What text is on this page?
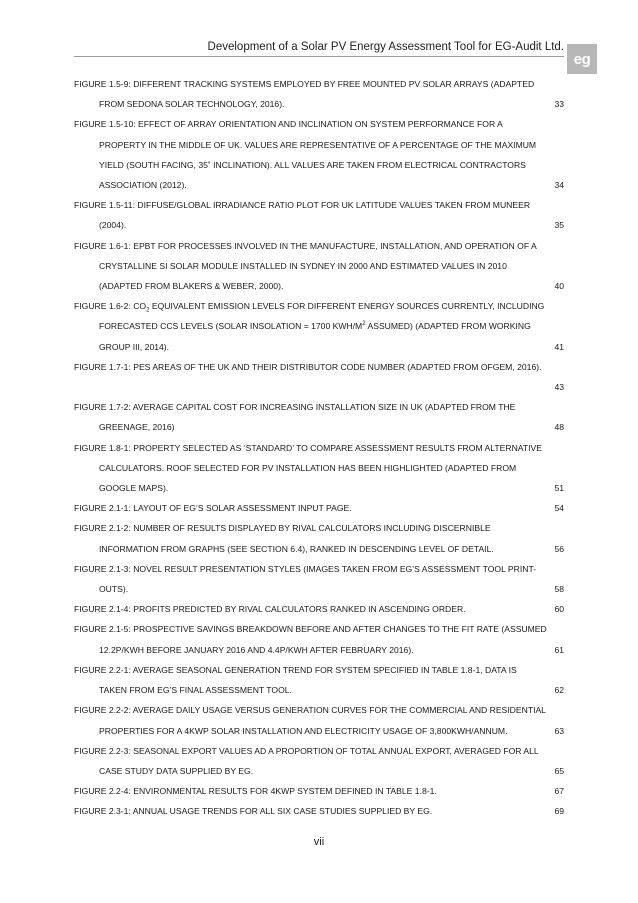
Development of a Solar PV Energy Assessment Tool for EG-Audit Ltd.
eg
FIGURE 1.5-9: DIFFERENT TRACKING SYSTEMS EMPLOYED BY FREE MOUNTED PV SOLAR ARRAYS (ADAPTED
FROM SEDONA SOLAR TECHNOLOGY, 2016).	33
FIGURE 1.5-10: EFFECT OF ARRAY ORIENTATION AND INCLINATION ON SYSTEM PERFORMANCE FOR A
PROPERTY IN THE MIDDLE OF UK. VALUES ARE REPRESENTATIVE OF A PERCENTAGE OF THE MAXIMUM
YIELD (SOUTH FACING, 35˚ INCLINATION). ALL VALUES ARE TAKEN FROM ELECTRICAL CONTRACTORS
ASSOCIATION (2012).	34
FIGURE 1.5-11: DIFFUSE/GLOBAL IRRADIANCE RATIO PLOT FOR UK LATITUDE VALUES TAKEN FROM MUNEER
(2004).	35
FIGURE 1.6-1: EPBT FOR PROCESSES INVOLVED IN THE MANUFACTURE, INSTALLATION, AND OPERATION OF A
CRYSTALLINE SI SOLAR MODULE INSTALLED IN SYDNEY IN 2000 AND ESTIMATED VALUES IN 2010
(ADAPTED FROM BLAKERS & WEBER, 2000).	40
FIGURE 1.6-2: $CO_2$ EQUIVALENT EMISSION LEVELS FOR DIFFERENT ENERGY SOURCES CURRENTLY, INCLUDING
FORECASTED CCS LEVELS (SOLAR INSOLATION = 1700 KWH/$M^2$ ASSUMED) (ADAPTED FROM WORKING
GROUP III, 2014).	41
FIGURE 1.7-1: PES AREAS OF THE UK AND THEIR DISTRIBUTOR CODE NUMBER (ADAPTED FROM OFGEM, 2016).
43
FIGURE 1.7-2: AVERAGE CAPITAL COST FOR INCREASING INSTALLATION SIZE IN UK (ADAPTED FROM THE
GREENAGE, 2016)	48
FIGURE 1.8-1: PROPERTY SELECTED AS ‘STANDARD’ TO COMPARE ASSESSMENT RESULTS FROM ALTERNATIVE
CALCULATORS. ROOF SELECTED FOR PV INSTALLATION HAS BEEN HIGHLIGHTED (ADAPTED FROM
GOOGLE MAPS).	51
FIGURE 2.1-1: LAYOUT OF EG’S SOLAR ASSESSMENT INPUT PAGE.	54
FIGURE 2.1-2: NUMBER OF RESULTS DISPLAYED BY RIVAL CALCULATORS INCLUDING DISCERNIBLE
INFORMATION FROM GRAPHS (SEE SECTION 6.4), RANKED IN DESCENDING LEVEL OF DETAIL.	56
FIGURE 2.1-3: NOVEL RESULT PRESENTATION STYLES (IMAGES TAKEN FROM EG’S ASSESSMENT TOOL PRINT-
OUTS).	58
FIGURE 2.1-4: PROFITS PREDICTED BY RIVAL CALCULATORS RANKED IN ASCENDING ORDER.	60
FIGURE 2.1-5: PROSPECTIVE SAVINGS BREAKDOWN BEFORE AND AFTER CHANGES TO THE FIT RATE (ASSUMED
12.2P/KWH BEFORE JANUARY 2016 AND 4.4P/KWH AFTER FEBRUARY 2016).	61
FIGURE 2.2-1: AVERAGE SEASONAL GENERATION TREND FOR SYSTEM SPECIFIED IN TABLE 1.8-1, DATA IS
TAKEN FROM EG’S FINAL ASSESSMENT TOOL.	62
FIGURE 2.2-2: AVERAGE DAILY USAGE VERSUS GENERATION CURVES FOR THE COMMERCIAL AND RESIDENTIAL
PROPERTIES FOR A 4KWP SOLAR INSTALLATION AND ELECTRICITY USAGE OF 3,800KWH/ANNUM.	63
FIGURE 2.2-3: SEASONAL EXPORT VALUES AD A PROPORTION OF TOTAL ANNUAL EXPORT, AVERAGED FOR ALL
CASE STUDY DATA SUPPLIED BY EG.	65
FIGURE 2.2-4: ENVIRONMENTAL RESULTS FOR 4KWP SYSTEM DEFINED IN TABLE 1.8-1.	67
FIGURE 2.3-1: ANNUAL USAGE TRENDS FOR ALL SIX CASE STUDIES SUPPLIED BY EG.	69
vii
